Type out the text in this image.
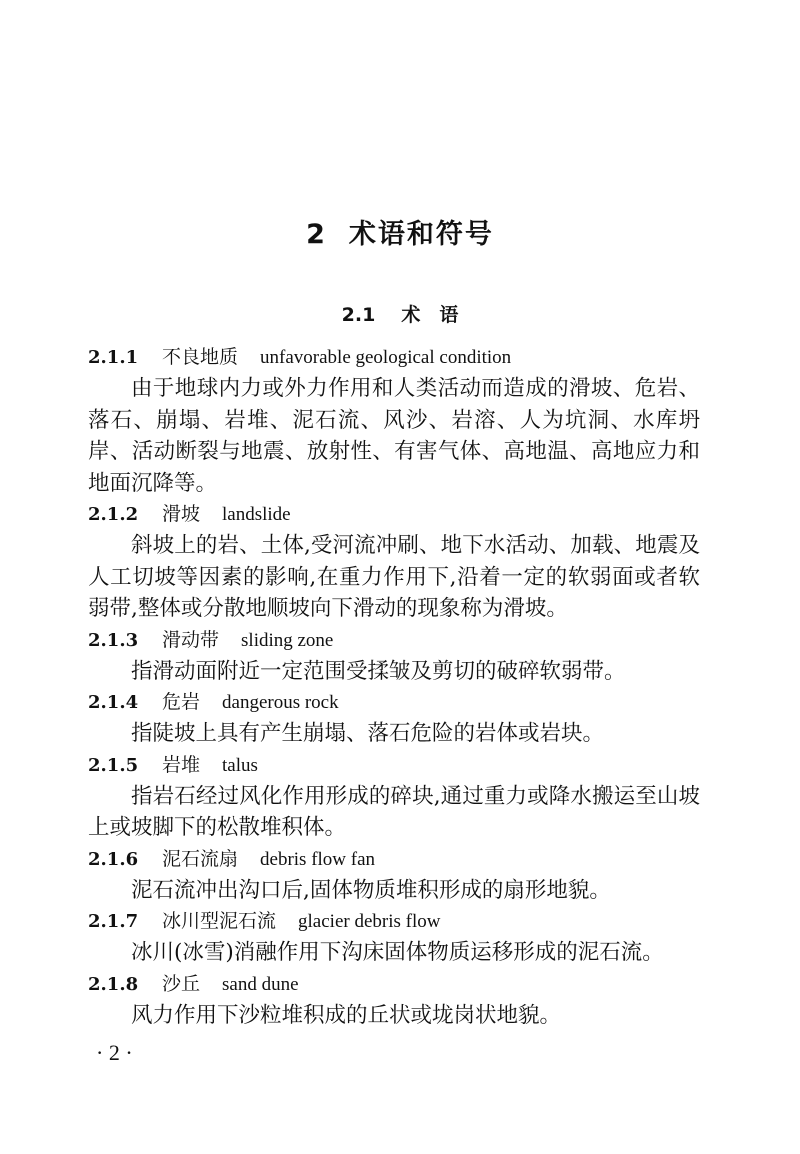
2 术语和符号
2.1 术　语
2.1.1 不良地质 unfavorable geological condition

由于地球内力或外力作用和人类活动而造成的滑坡、危岩、落石、崩塌、岩堆、泥石流、风沙、岩溶、人为坑洞、水库坍岸、活动断裂与地震、放射性、有害气体、高地温、高地应力和地面沉降等。

2.1.2 滑坡 landslide

斜坡上的岩、土体,受河流冲刷、地下水活动、加载、地震及人工切坡等因素的影响,在重力作用下,沿着一定的软弱面或者软弱带,整体或分散地顺坡向下滑动的现象称为滑坡。

2.1.3 滑动带 sliding zone

指滑动面附近一定范围受揉皱及剪切的破碎软弱带。

2.1.4 危岩 dangerous rock

指陡坡上具有产生崩塌、落石危险的岩体或岩块。

2.1.5 岩堆 talus

指岩石经过风化作用形成的碎块,通过重力或降水搬运至山坡上或坡脚下的松散堆积体。

2.1.6 泥石流扇 debris flow fan

泥石流冲出沟口后,固体物质堆积形成的扇形地貌。

2.1.7 冰川型泥石流 glacier debris flow

冰川(冰雪)消融作用下沟床固体物质运移形成的泥石流。

2.1.8 沙丘 sand dune

风力作用下沙粒堆积成的丘状或垅岗状地貌。

· 2 ·
